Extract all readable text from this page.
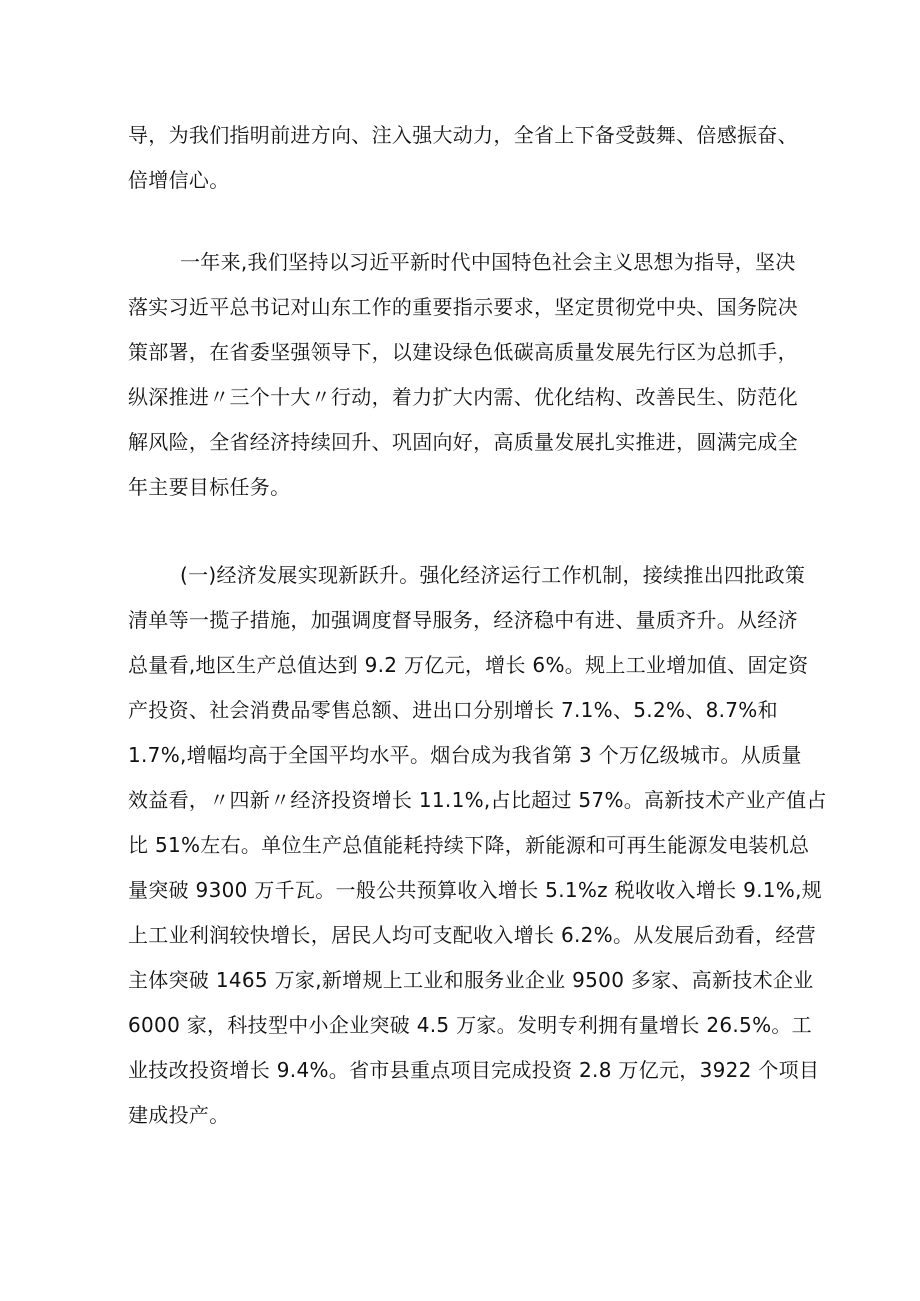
导，为我们指明前进方向、注入强大动力，全省上下备受鼓舞、倍感振奋、
倍增信心。

一年来,我们坚持以习近平新时代中国特色社会主义思想为指导，坚决
落实习近平总书记对山东工作的重要指示要求，坚定贯彻党中央、国务院决
策部署，在省委坚强领导下，以建设绿色低碳高质量发展先行区为总抓手，
纵深推进〃三个十大〃行动，着力扩大内需、优化结构、改善民生、防范化
解风险，全省经济持续回升、巩固向好，高质量发展扎实推进，圆满完成全
年主要目标任务。

(一)经济发展实现新跃升。强化经济运行工作机制，接续推出四批政策
清单等一揽子措施，加强调度督导服务，经济稳中有进、量质齐升。从经济
总量看,地区生产总值达到 9.2 万亿元，增长 6%。规上工业增加值、固定资
产投资、社会消费品零售总额、进出口分别增长 7.1%、5.2%、8.7%和
1.7%,增幅均高于全国平均水平。烟台成为我省第 3 个万亿级城市。从质量
效益看，〃四新〃经济投资增长 11.1%,占比超过 57%。高新技术产业产值占
比 51%左右。单位生产总值能耗持续下降，新能源和可再生能源发电装机总
量突破 9300 万千瓦。一般公共预算收入增长 5.1%z 税收收入增长 9.1%,规
上工业利润较快增长，居民人均可支配收入增长 6.2%。从发展后劲看，经营
主体突破 1465 万家,新增规上工业和服务业企业 9500 多家、高新技术企业
6000 家，科技型中小企业突破 4.5 万家。发明专利拥有量增长 26.5%。工
业技改投资增长 9.4%。省市县重点项目完成投资 2.8 万亿元，3922 个项目
建成投产。
